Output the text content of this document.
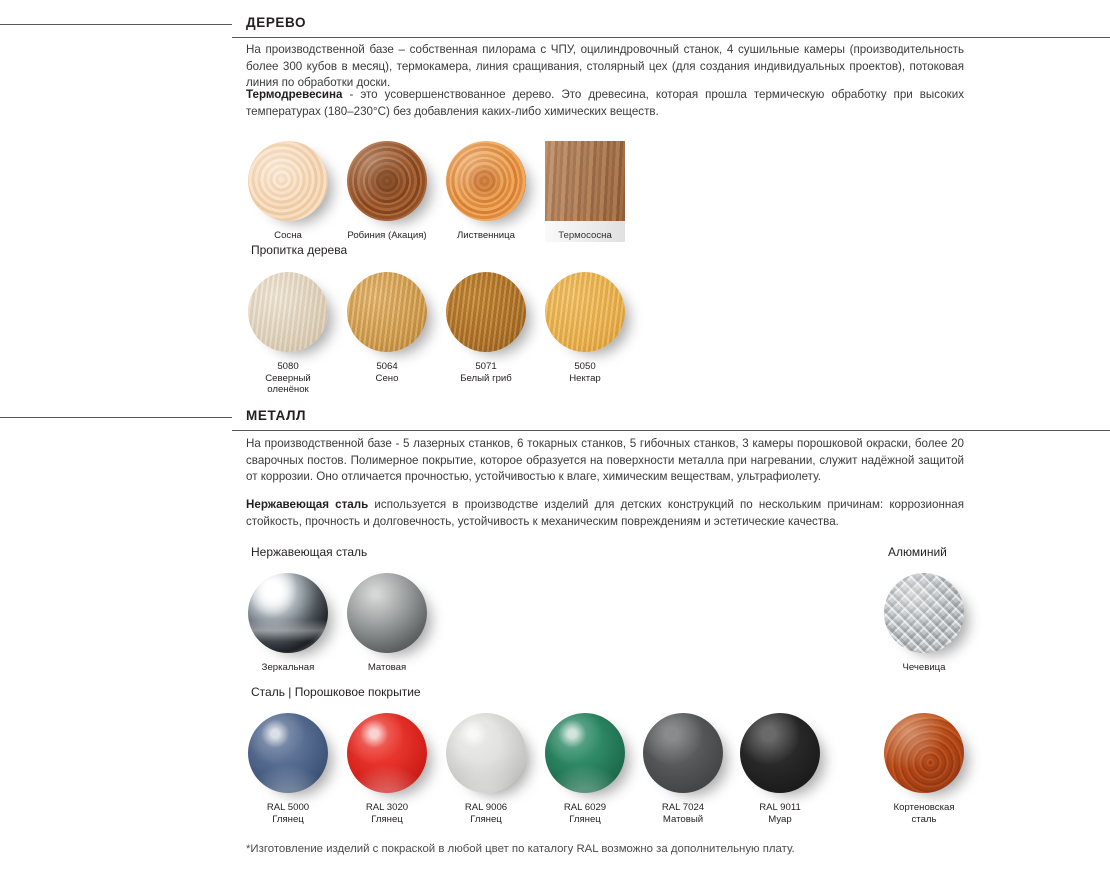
ДЕРЕВО
На производственной базе – собственная пилорама с ЧПУ, оцилиндровочный станок, 4 сушильные камеры (производительность более 300 кубов в месяц), термокамера, линия сращивания, столярный цех (для создания индивидуальных проектов), потоковая линия по обработки доски.
Термодревесина - это усовершенствованное дерево. Это древесина, которая прошла термическую обработку при высоких температурах (180–230°С) без добавления каких-либо химических веществ.
Сосна	Робиния (Акация)	Лиственница
Пропитка дерева
5080
Северный оленёнок
5064
Сено
5071
Белый гриб
5050
Нектар
МЕТАЛЛ
На производственной базе - 5 лазерных станков, 6 токарных станков, 5 гибочных станков, 3 камеры порошковой окраски, более 20 сварочных постов. Полимерное покрытие, которое образуется на поверхности металла при нагревании, служит надёжной защитой от коррозии. Оно отличается прочностью, устойчивостью к влаге, химическим веществам, ультрафиолету.
Нержавеющая сталь используется в производстве изделий для детских конструкций по нескольким причинам: коррозионная стойкость, прочность и долговечность, устойчивость к механическим повреждениям и эстетические качества.
Нержавеющая сталь	Алюминий
Зеркальная	Матовая	Чечевица
Сталь | Порошковое покрытие
RAL 5000
Глянец
RAL 3020
Глянец
RAL 9006
Глянец
RAL 6029
Глянец
RAL 7024
Матовый
RAL 9011
Муар
Кортеновская
сталь
*Изготовление изделий с покраской в любой цвет по каталогу RAL возможно за дополнительную плату.
